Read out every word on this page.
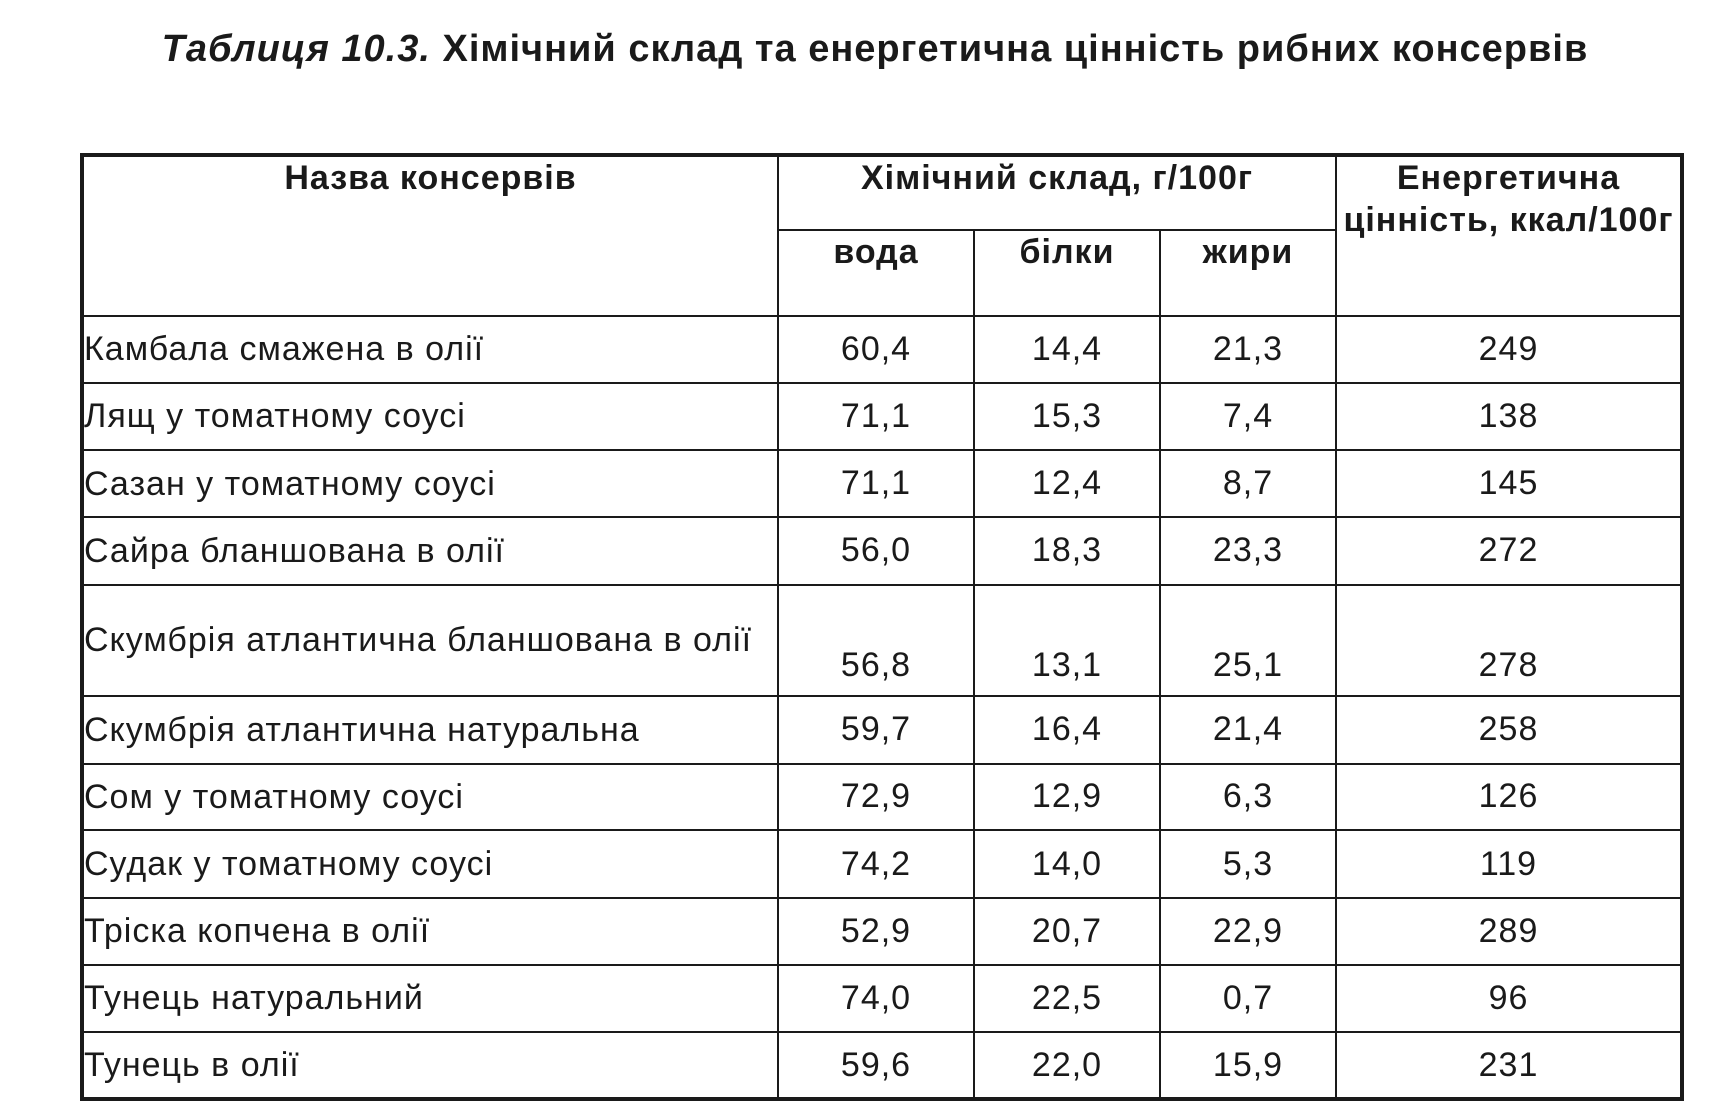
Таблиця 10.3. Хімічний склад та енергетична цінність рибних консервів
Назва консервів	Хімічний склад, г/100г			Енергетична цінність, ккал/100г
	вода	білки	жири	
Камбала смажена в олії	60,4	14,4	21,3	249
Лящ у томатному соусі	71,1	15,3	7,4	138
Сазан у томатному соусі	71,1	12,4	8,7	145
Сайра бланшована в олії	56,0	18,3	23,3	272
Скумбрія атлантична бланшована в олії	56,8	13,1	25,1	278
Скумбрія атлантична натуральна	59,7	16,4	21,4	258
Сом у томатному соусі	72,9	12,9	6,3	126
Судак у томатному соусі	74,2	14,0	5,3	119
Тріска копчена в олії	52,9	20,7	22,9	289
Тунець натуральний	74,0	22,5	0,7	96
Тунець в олії	59,6	22,0	15,9	231
